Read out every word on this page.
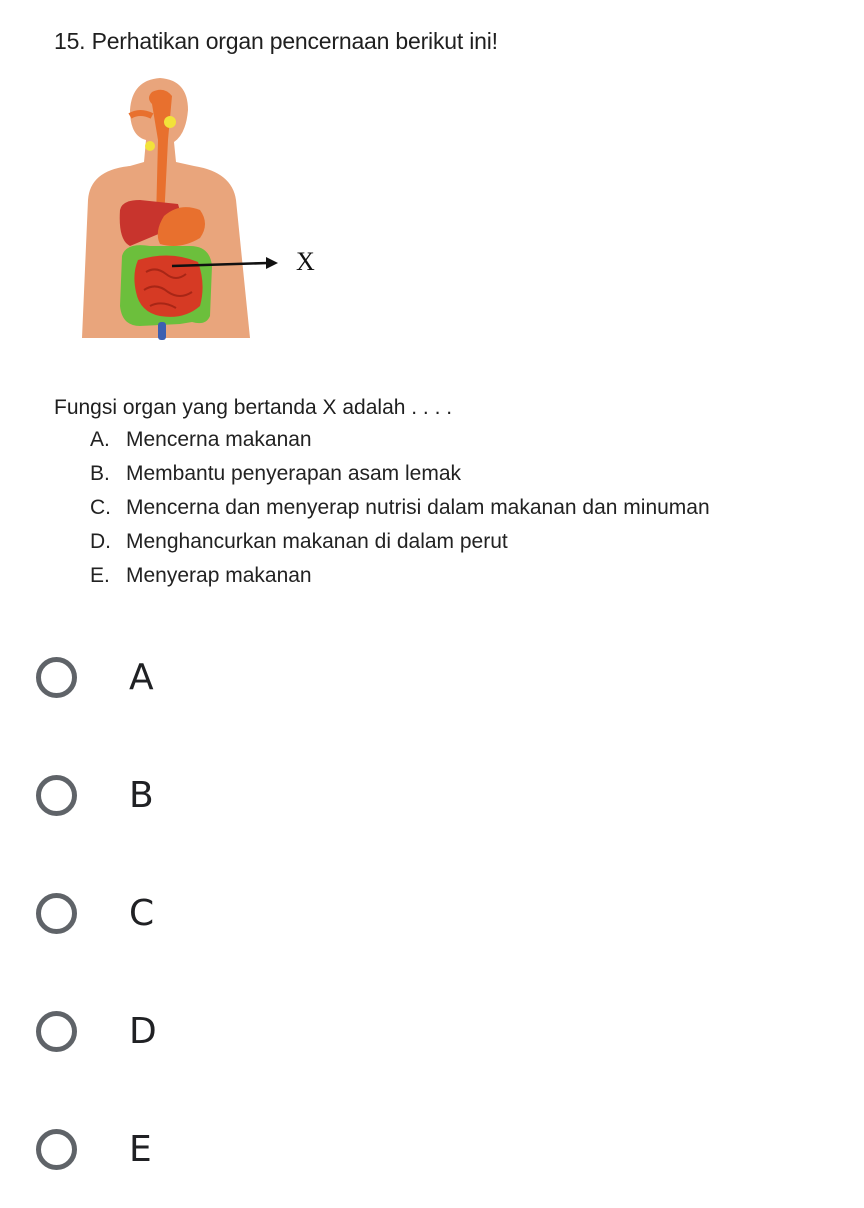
15. Perhatikan organ pencernaan berikut ini!
X
Fungsi organ yang bertanda X adalah . . . .
A. Mencerna makanan
B. Membantu penyerapan asam lemak
C. Mencerna dan menyerap nutrisi dalam makanan dan minuman
D. Menghancurkan makanan di dalam perut
E. Menyerap makanan
A
B
C
D
E
